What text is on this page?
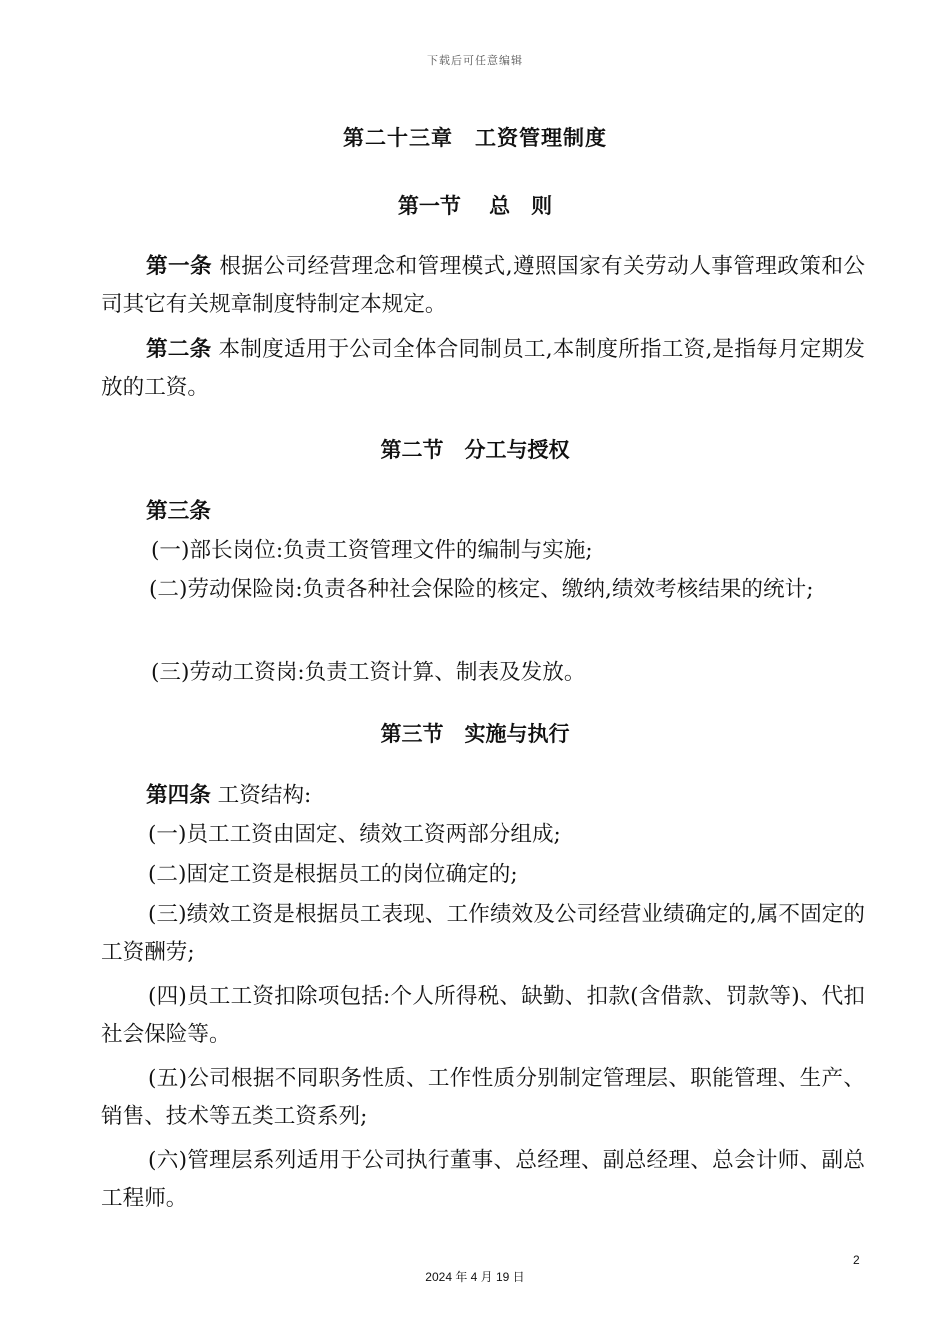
下载后可任意编辑
第二十三章　工资管理制度
第一节　 总　则

第一条 根据公司经营理念和管理模式,遵照国家有关劳动人事管理政策和公司其它有关规章制度特制定本规定。

第二条 本制度适用于公司全体合同制员工,本制度所指工资,是指每月定期发放的工资。

第二节　分工与授权

第三条

(一)部长岗位:负责工资管理文件的编制与实施;

(二)劳动保险岗:负责各种社会保险的核定、缴纳,绩效考核结果的统计;

(三)劳动工资岗:负责工资计算、制表及发放。

第三节　实施与执行

第四条 工资结构:

(一)员工工资由固定、绩效工资两部分组成;

(二)固定工资是根据员工的岗位确定的;

(三)绩效工资是根据员工表现、工作绩效及公司经营业绩确定的,属不固定的工资酬劳;

(四)员工工资扣除项包括:个人所得税、缺勤、扣款(含借款、罚款等)、代扣社会保险等。

(五)公司根据不同职务性质、工作性质分别制定管理层、职能管理、生产、销售、技术等五类工资系列;

(六)管理层系列适用于公司执行董事、总经理、副总经理、总会计师、副总工程师。

2
2024 年 4 月 19 日
